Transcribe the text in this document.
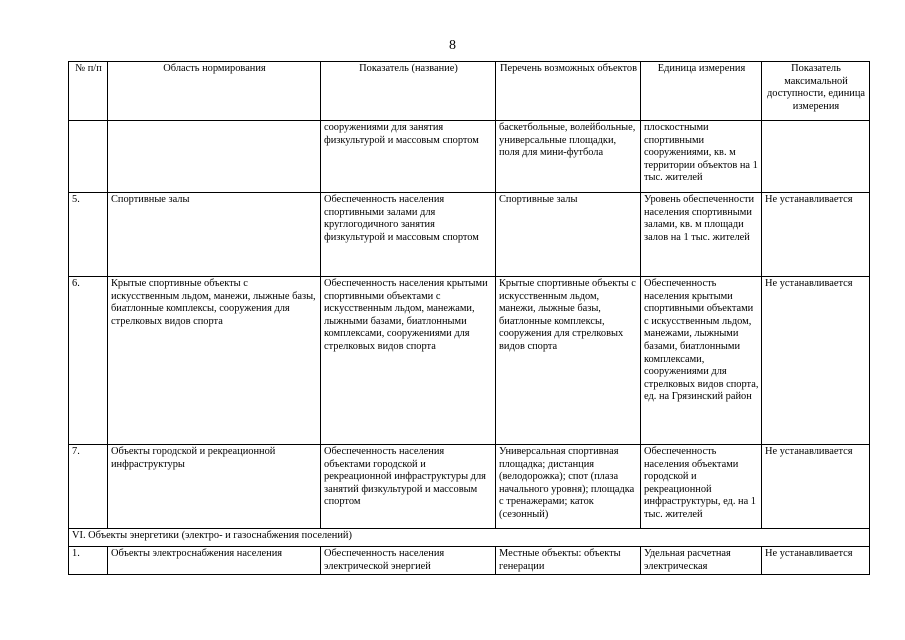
8
№ п/п	Область нормирования	Показатель (название)	Перечень возможных объектов	Единица измерения	Показатель максимальной доступности, единица измерения
		сооружениями для занятия физкультурой и массовым спортом	баскетбольные, волейбольные, универсальные площадки, поля для мини-футбола	плоскостными спортивными сооружениями, кв. м территории объектов на 1 тыс. жителей	
5.	Спортивные залы	Обеспеченность населения спортивными залами для круглогодичного занятия физкультурой и массовым спортом	Спортивные залы	Уровень обеспеченности населения спортивными залами, кв. м площади залов на 1 тыс. жителей	Не устанавливается
6.	Крытые спортивные объекты с искусственным льдом, манежи, лыжные базы, биатлонные комплексы, сооружения для стрелковых видов спорта	Обеспеченность населения крытыми спортивными объектами с искусственным льдом, манежами, лыжными базами, биатлонными комплексами, сооружениями для стрелковых видов спорта	Крытые спортивные объекты с искусственным льдом, манежи, лыжные базы, биатлонные комплексы, сооружения для стрелковых видов спорта	Обеспеченность населения крытыми спортивными объектами с искусственным льдом, манежами, лыжными базами, биатлонными комплексами, сооружениями для стрелковых видов спорта, ед. на Грязинский район	Не устанавливается
7.	Объекты городской и рекреационной инфраструктуры	Обеспеченность населения объектами городской и рекреационной инфраструктуры для занятий физкультурой и массовым спортом	Универсальная спортивная площадка; дистанция (велодорожка); спот (плаза начального уровня); площадка с тренажерами; каток (сезонный)	Обеспеченность населения объектами городской и рекреационной инфраструктуры, ед. на 1 тыс. жителей	Не устанавливается
VI. Объекты энергетики (электро- и газоснабжения поселений)					
1.	Объекты электроснабжения населения	Обеспеченность населения электрической энергией	Местные объекты: объекты генерации	Удельная расчетная электрическая	Не устанавливается
